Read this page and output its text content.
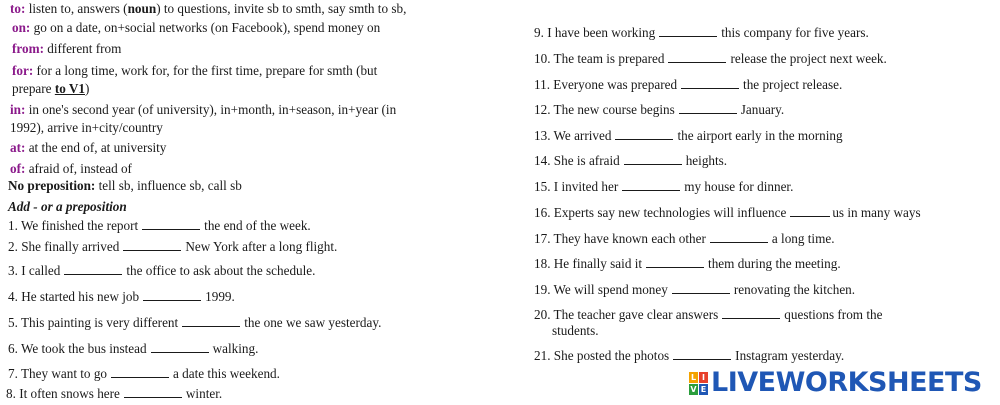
to: listen to, answers (noun) to questions, invite sb to smth, say smth to sb,
on: go on a date, on+social networks (on Facebook), spend money on
from: different from
for: for a long time, work for, for the first time, prepare for smth (but
prepare to V1)
in: in one's second year (of university), in+month, in+season, in+year (in
1992), arrive in+city/country
at: at the end of, at university
of: afraid of, instead of
No preposition: tell sb, influence sb, call sb
Add - or a preposition
1. We finished the report	the end of the week.
2. She finally arrived	New York after a long flight.
3. I called	the office to ask about the schedule.
4. He started his new job	1999.
5. This painting is very different	the one we saw yesterday.
6. We took the bus instead	walking.
7. They want to go	a date this weekend.
8. It often snows here	winter.
9. I have been working	this company for five years.
10. The team is prepared	release the project next week.
11. Everyone was prepared	the project release.
12. The new course begins	January.
13. We arrived	the airport early in the morning
14. She is afraid	heights.
15. I invited her	my house for dinner.
16. Experts say new technologies will influence	us in many ways
17. They have known each other	a long time.
18. He finally said it	them during the meeting.
19. We will spend money	renovating the kitchen.
20. The teacher gave clear answers	questions from the
students.
21. She posted the photos	Instagram yesterday.
L I
V E LIVEWORKSHEETS
